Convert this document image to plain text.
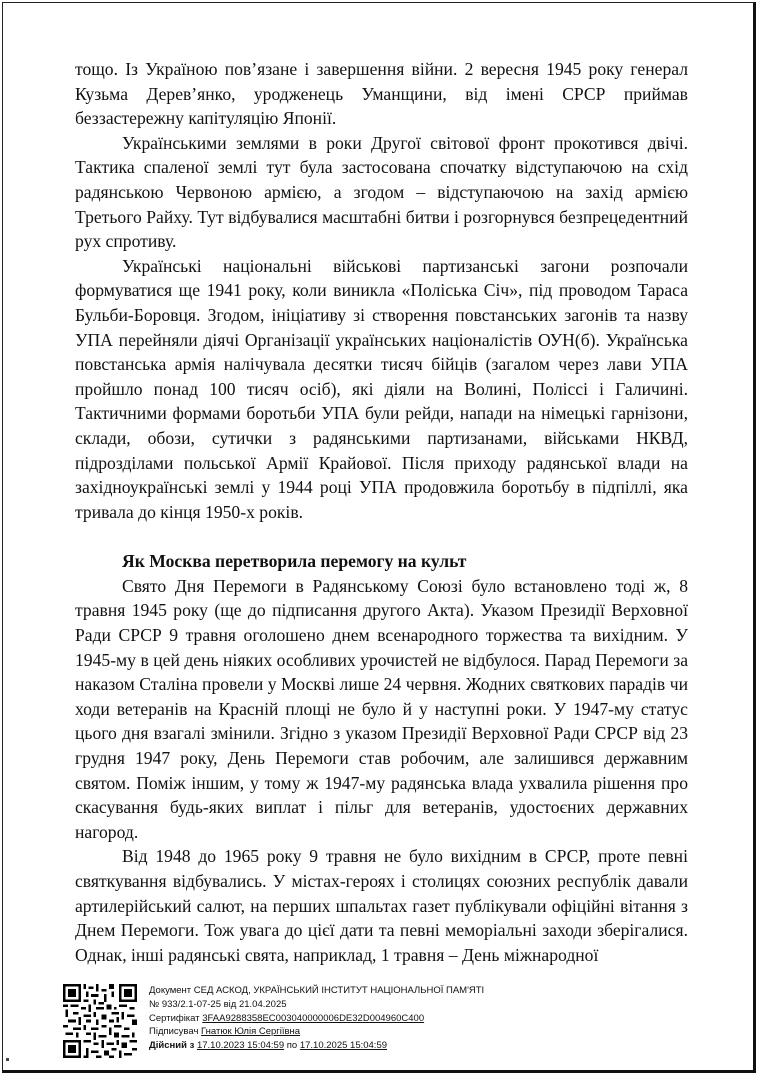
тощо. Із Україною пов’язане і завершення війни. 2 вересня 1945 року генерал Кузьма Дерев’янко, уродженець Уманщини, від імені СРСР приймав беззастережну капітуляцію Японії.

Українськими землями в роки Другої світової фронт прокотився двічі. Тактика спаленої землі тут була застосована спочатку відступаючою на схід радянською Червоною армією, а згодом – відступаючою на захід армією Третього Райху. Тут відбувалися масштабні битви і розгорнувся безпрецедентний рух спротиву.

Українські національні військові партизанські загони розпочали формуватися ще 1941 року, коли виникла «Поліська Січ», під проводом Тараса Бульби-Боровця. Згодом, ініціативу зі створення повстанських загонів та назву УПА перейняли діячі Організації українських націоналістів ОУН(б). Українська повстанська армія налічувала десятки тисяч бійців (загалом через лави УПА пройшло понад 100 тисяч осіб), які діяли на Волині, Поліссі і Галичині. Тактичними формами боротьби УПА були рейди, напади на німецькі гарнізони, склади, обози, сутички з радянськими партизанами, військами НКВД, підрозділами польської Армії Крайової. Після приходу радянської влади на західноукраїнські землі у 1944 році УПА продовжила боротьбу в підпіллі, яка тривала до кінця 1950-х років.

Як Москва перетворила перемогу на культ

Свято Дня Перемоги в Радянському Союзі було встановлено тоді ж, 8 травня 1945 року (ще до підписання другого Акта). Указом Президії Верховної Ради СРСР 9 травня оголошено днем всенародного торжества та вихідним. У 1945-му в цей день ніяких особливих урочистей не відбулося. Парад Перемоги за наказом Сталіна провели у Москві лише 24 червня. Жодних святкових парадів чи ходи ветеранів на Красній площі не було й у наступні роки. У 1947-му статус цього дня взагалі змінили. Згідно з указом Президії Верховної Ради СРСР від 23 грудня 1947 року, День Перемоги став робочим, але залишився державним святом. Поміж іншим, у тому ж 1947-му радянська влада ухвалила рішення про скасування будь-яких виплат і пільг для ветеранів, удостоєних державних нагород.

Від 1948 до 1965 року 9 травня не було вихідним в СРСР, проте певні святкування відбувались. У містах-героях і столицях союзних республік давали артилерійський салют, на перших шпальтах газет публікували офіційні вітання з Днем Перемоги. Тож увага до цієї дати та певні меморіальні заходи зберігалися. Однак, інші радянські свята, наприклад, 1 травня – День міжнародної

Документ СЕД АСКОД, УКРАЇНСЬКИЙ ІНСТИТУТ НАЦІОНАЛЬНОЇ ПАМ'ЯТІ
№ 933/2.1-07-25 від 21.04.2025
Сертифікат 3FAA9288358EC003040000006DE32D004960C400
Підписувач Гнатюк Юлія Сергіївна
Дійсний з 17.10.2023 15:04:59 по 17.10.2025 15:04:59
